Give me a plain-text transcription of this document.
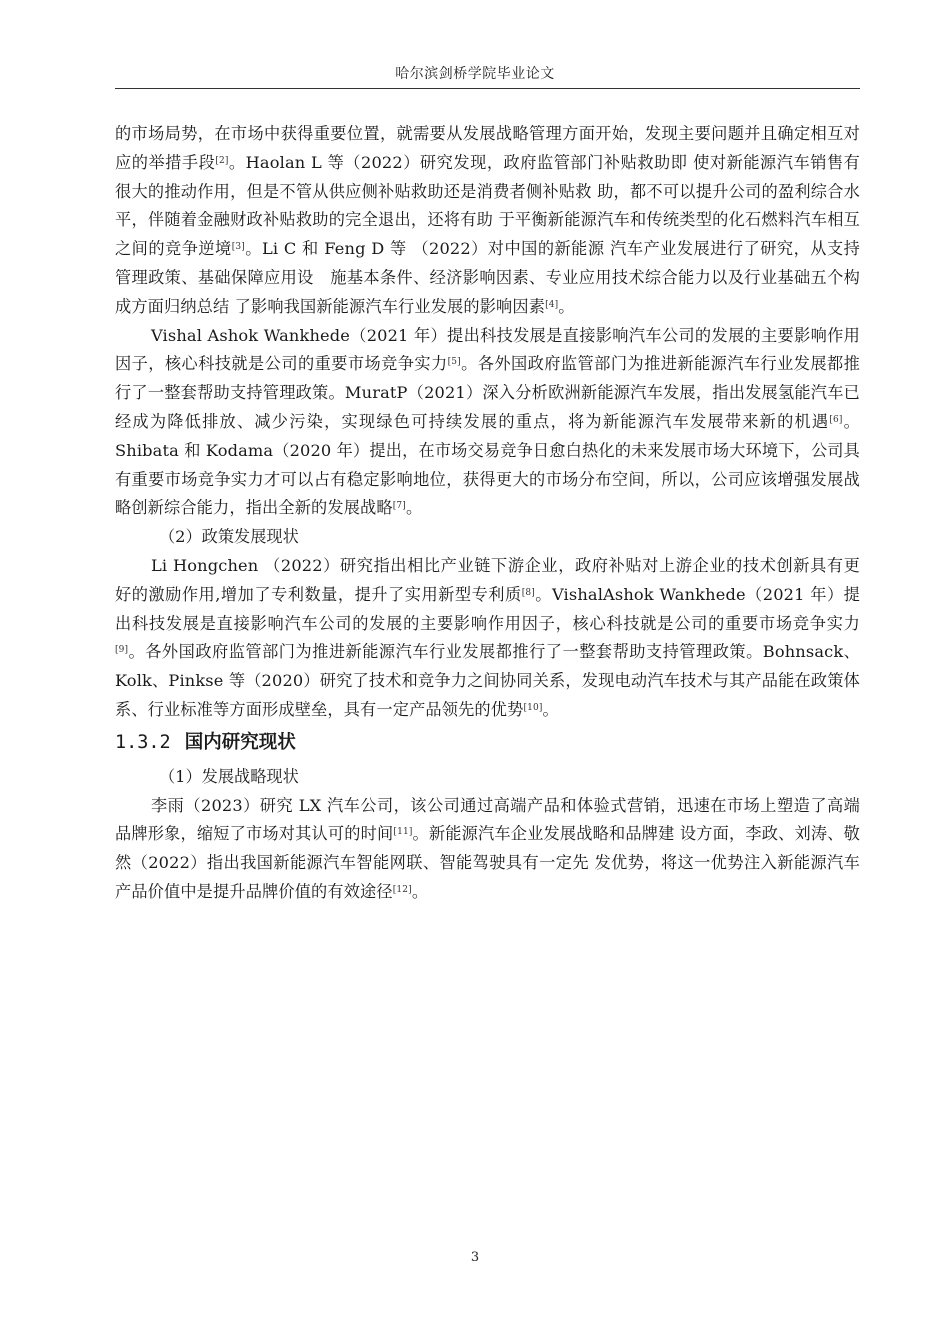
哈尔滨剑桥学院毕业论文

的市场局势，在市场中获得重要位置，就需要从发展战略管理方面开始，发现主要问题并且确定相互对应的举措手段[2]。Haolan L 等（2022）研究发现，政府监管部门补贴救助即 使对新能源汽车销售有很大的推动作用，但是不管从供应侧补贴救助还是消费者侧补贴救 助，都不可以提升公司的盈利综合水平，伴随着金融财政补贴救助的完全退出，还将有助 于平衡新能源汽车和传统类型的化石燃料汽车相互之间的竞争逆境[3]。Li C 和 Feng D 等 （2022）对中国的新能源 汽车产业发展进行了研究，从支持管理政策、基础保障应用设　施基本条件、经济影响因素、专业应用技术综合能力以及行业基础五个构成方面归纳总结 了影响我国新能源汽车行业发展的影响因素[4]。

Vishal Ashok Wankhede（2021 年）提出科技发展是直接影响汽车公司的发展的主要影响作用因子，核心科技就是公司的重要市场竞争实力[5]。各外国政府监管部门为推进新能源汽车行业发展都推行了一整套帮助支持管理政策。MuratP（2021）深入分析欧洲新能源汽车发展，指出发展氢能汽车已经成为降低排放、减少污染，实现绿色可持续发展的重点，将为新能源汽车发展带来新的机遇[6]。Shibata 和 Kodama（2020 年）提出，在市场交易竞争日愈白热化的未来发展市场大环境下，公司具有重要市场竞争实力才可以占有稳定影响地位，获得更大的市场分布空间，所以，公司应该增强发展战略创新综合能力，指出全新的发展战略[7]。

（2）政策发展现状

Li Hongchen （2022）研究指出相比产业链下游企业，政府补贴对上游企业的技术创新具有更好的激励作用,增加了专利数量，提升了实用新型专利质[8]。VishalAshok Wankhede（2021 年）提出科技发展是直接影响汽车公司的发展的主要影响作用因子，核心科技就是公司的重要市场竞争实力[9]。各外国政府监管部门为推进新能源汽车行业发展都推行了一整套帮助支持管理政策。Bohnsack、Kolk、Pinkse 等（2020）研究了技术和竞争力之间协同关系，发现电动汽车技术与其产品能在政策体系、行业标准等方面形成壁垒，具有一定产品领先的优势[10]。

1.3.2 国内研究现状

（1）发展战略现状

李雨（2023）研究 LX 汽车公司，该公司通过高端产品和体验式营销，迅速在市场上塑造了高端品牌形象，缩短了市场对其认可的时间[11]。新能源汽车企业发展战略和品牌建 设方面，李政、刘涛、敬然（2022）指出我国新能源汽车智能网联、智能驾驶具有一定先 发优势，将这一优势注入新能源汽车产品价值中是提升品牌价值的有效途径[12]。

3
